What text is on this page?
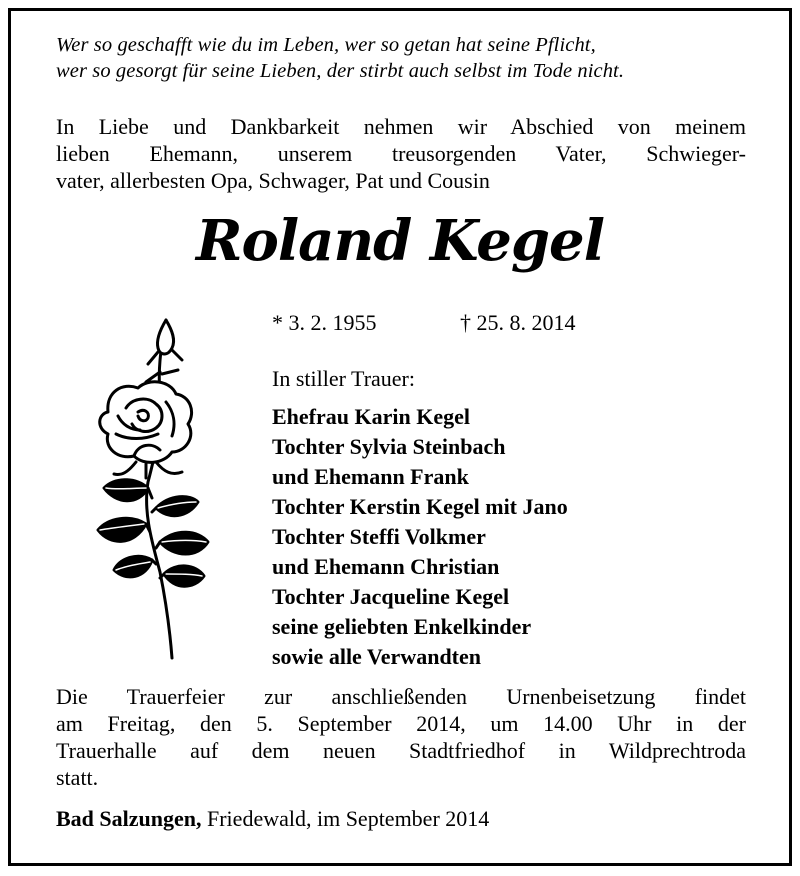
Wer so geschafft wie du im Leben, wer so getan hat seine Pflicht,
wer so gesorgt für seine Lieben, der stirbt auch selbst im Tode nicht.
In Liebe und Dankbarkeit nehmen wir Abschied von meinem
lieben Ehemann, unserem treusorgenden Vater, Schwieger-
vater, allerbesten Opa, Schwager, Pat und Cousin
Roland Kegel
* 3. 2. 1955	† 25. 8. 2014
In stiller Trauer:
Ehefrau Karin Kegel
Tochter Sylvia Steinbach
und Ehemann Frank
Tochter Kerstin Kegel mit Jano
Tochter Steffi Volkmer
und Ehemann Christian
Tochter Jacqueline Kegel
seine geliebten Enkelkinder
sowie alle Verwandten
Die Trauerfeier zur anschließenden Urnenbeisetzung findet
am Freitag, den 5. September 2014, um 14.00 Uhr in der
Trauerhalle auf dem neuen Stadtfriedhof in Wildprechtroda
statt.
Bad Salzungen, Friedewald, im September 2014
